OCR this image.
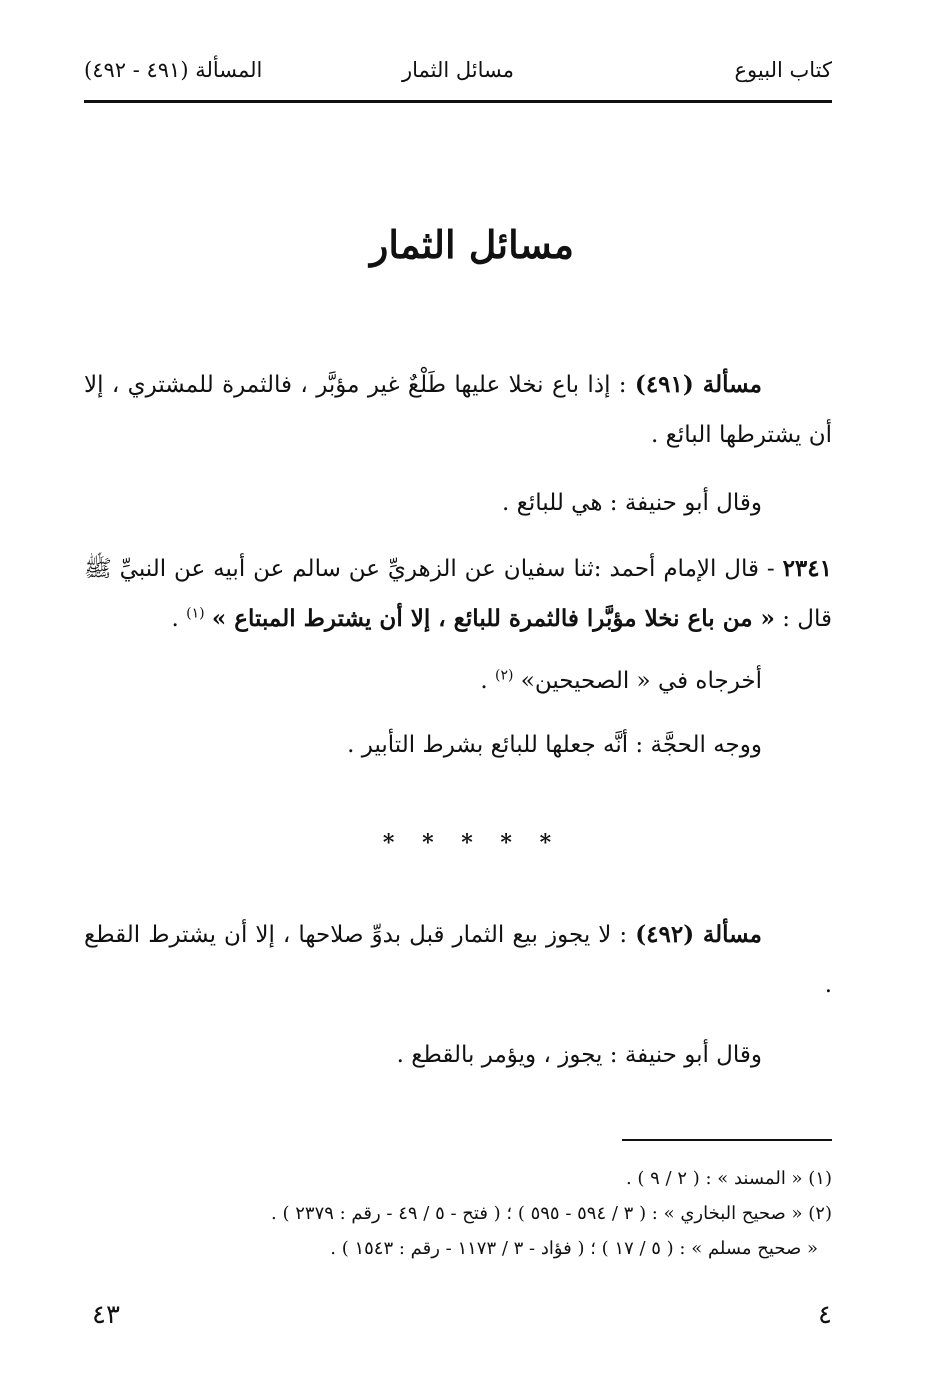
كتاب البيوع
مسائل الثمار
المسألة (٤٩١ - ٤٩٢)
مسائل الثمار
مسألة (٤٩١) : إذا باع نخلا عليها طَلْعٌ غير مؤبَّر ، فالثمرة للمشتري ، إلا أن يشترطها البائع .
وقال أبو حنيفة : هي للبائع .
٢٣٤١ - قال الإمام أحمد :ثنا سفيان عن الزهريِّ عن سالم عن أبيه عن النبيِّ ﷺ قال : « من باع نخلا مؤبَّرا فالثمرة للبائع ، إلا أن يشترط المبتاع » $^{(١)}$ .
أخرجاه في « الصحيحين» $^{(٢)}$ .
ووجه الحجَّة : أنَّه جعلها للبائع بشرط التأبير .
* * * * *
مسألة (٤٩٢) : لا يجوز بيع الثمار قبل بدوِّ صلاحها ، إلا أن يشترط القطع .
وقال أبو حنيفة : يجوز ، ويؤمر بالقطع .
(١) « المسند » : ( ٢ / ٩ ) .
(٢) « صحيح البخاري » : ( ٣ / ٥٩٤ - ٥٩٥ ) ؛ ( فتح - ٥ / ٤٩ - رقم : ٢٣٧٩ ) .
« صحيح مسلم » : ( ٥ / ١٧ ) ؛ ( فؤاد - ٣ / ١١٧٣ - رقم : ١٥٤٣ ) .
٤
٤٣
